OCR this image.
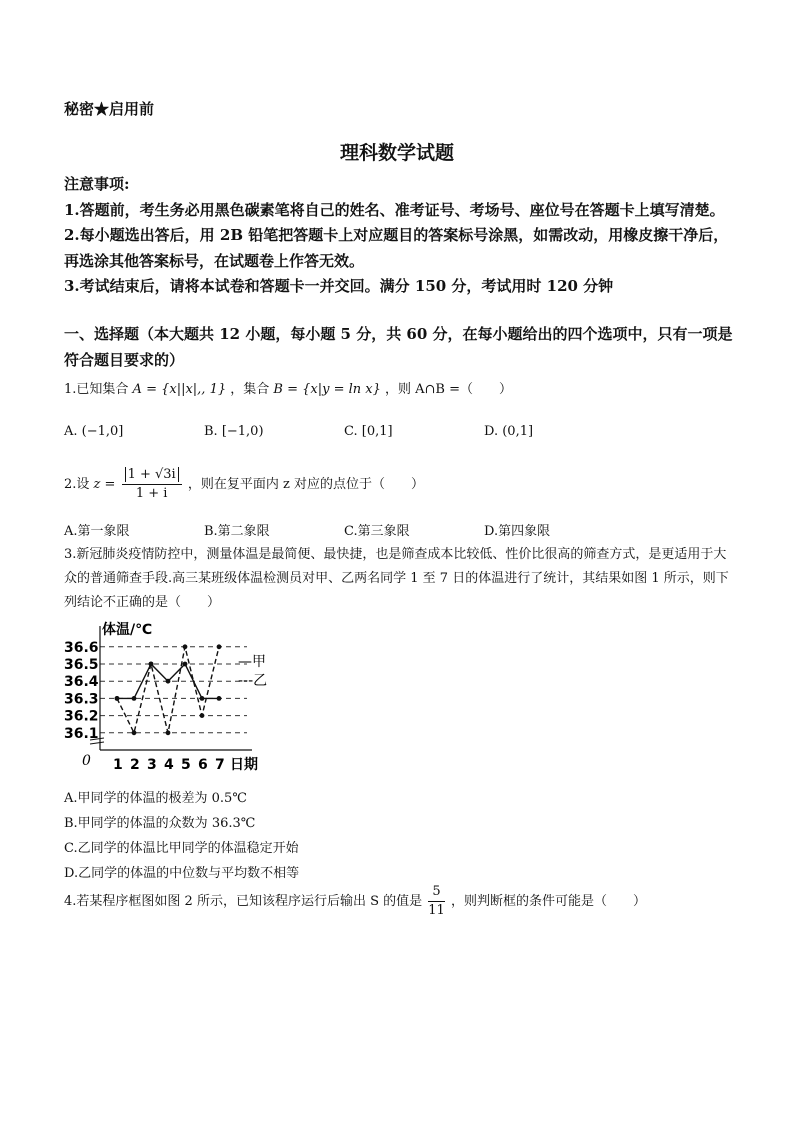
秘密★启用前
理科数学试题

注意事项:

1.答题前，考生务必用黑色碳素笔将自己的姓名、准考证号、考场号、座位号在答题卡上填写清楚。

2.每小题选出答后，用 2B 铅笔把答题卡上对应题目的答案标号涂黑，如需改动，用橡皮擦干净后，再选涂其他答案标号，在试题卷上作答无效。

3.考试结束后，请将本试卷和答题卡一并交回。满分 150 分，考试用时 120 分钟

一、选择题（本大题共 12 小题，每小题 5 分，共 60 分，在每小题给出的四个选项中，只有一项是符合题目要求的）
1.已知集合 A = {x||x|,, 1} ，集合 B = {x|y = ln x} ，则 A∩B =（　　）
A. (−1,0]	B. [−1,0)	C. [0,1]	D. (0,1]
2.设 $z = \frac{1 + √3i}{1 + i}$ ，则在复平面内 z 对应的点位于（　　）
A.第一象限	B.第二象限	C.第三象限	D.第四象限
3.新冠肺炎疫情防控中，测量体温是最简便、最快捷，也是筛查成本比较低、性价比很高的筛查方式，是更适用于大众的普通筛查手段.高三某班级体温检测员对甲、乙两名同学 1 至 7 日的体温进行了统计，其结果如图 1 所示，则下列结论不正确的是（　　）
体温/℃
日期
0
36.1
36.2
36.3
36.4
36.5
36.6
1 2 3 4 5 6 7
—甲
---乙
A.甲同学的体温的极差为 0.5℃
B.甲同学的体温的众数为 36.3℃
C.乙同学的体温比甲同学的体温稳定开始
D.乙同学的体温的中位数与平均数不相等
4.若某程序框图如图 2 所示，已知该程序运行后输出 S 的值是 $\frac{5}{11}$ ，则判断框的条件可能是（　　）
